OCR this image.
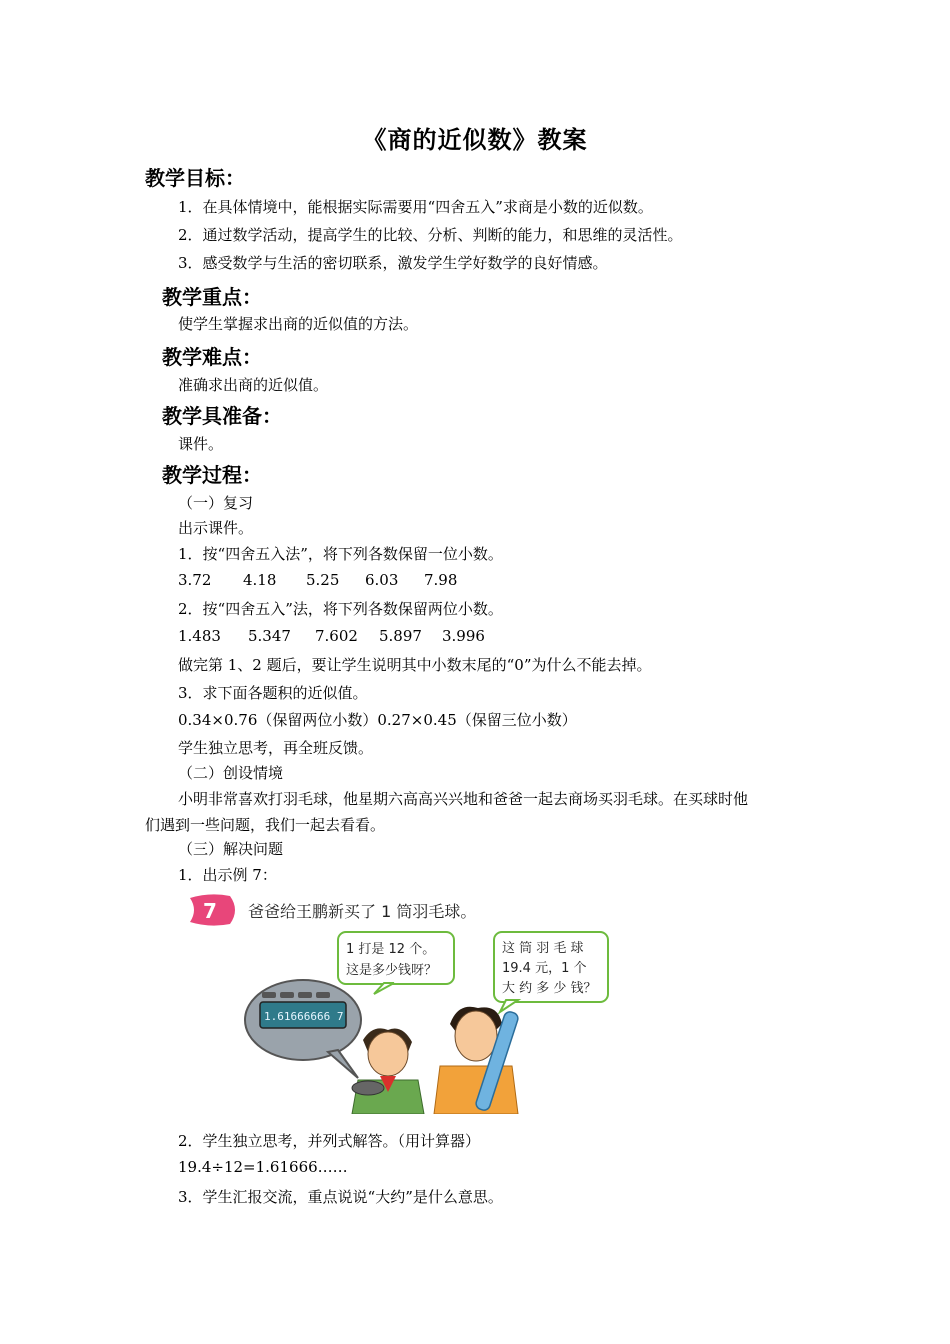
《商的近似数》教案
教学目标：
1．在具体情境中，能根据实际需要用“四舍五入”求商是小数的近似数。
2．通过数学活动，提高学生的比较、分析、判断的能力，和思维的灵活性。
3．感受数学与生活的密切联系，激发学生学好数学的良好情感。
教学重点：
使学生掌握求出商的近似值的方法。
教学难点：
准确求出商的近似值。
教学具准备：
课件。
教学过程：
（一）复习
出示课件。
1．按“四舍五入法”，将下列各数保留一位小数。
3.72 4.18 5.25 6.03 7.98
2．按“四舍五入”法，将下列各数保留两位小数。
1.483 5.347 7.602 5.897 3.996
做完第 1、2 题后，要让学生说明其中小数末尾的“0”为什么不能去掉。
3．求下面各题积的近似值。
0.34×0.76（保留两位小数）0.27×0.45（保留三位小数）
学生独立思考，再全班反馈。
（二）创设情境
小明非常喜欢打羽毛球，他星期六高高兴兴地和爸爸一起去商场买羽毛球。在买球时他
们遇到一些问题，我们一起去看看。
（三）解决问题
1．出示例 7：
7 爸爸给王鹏新买了 1 筒羽毛球。
1 打是 12 个。
这是多少钱呀？
这 筒 羽 毛 球
19.4 元，1 个
大 约 多 少 钱？
1.61666666 7
2．学生独立思考，并列式解答。（用计算器）
19.4÷12=1.61666……
3．学生汇报交流，重点说说“大约”是什么意思。
